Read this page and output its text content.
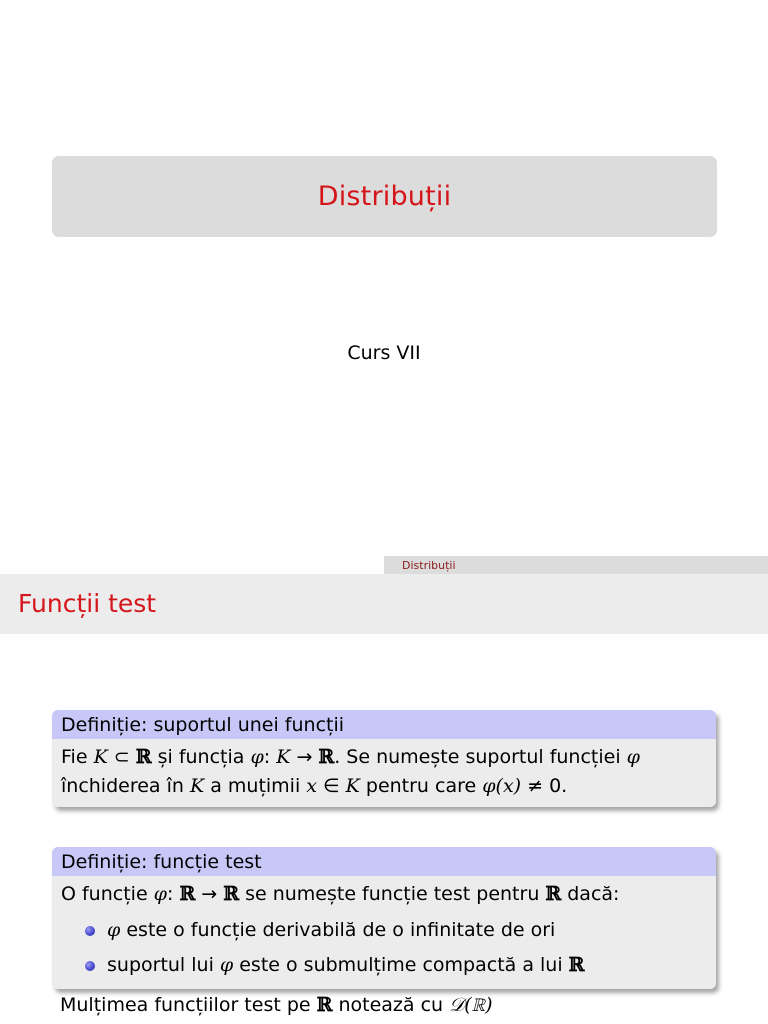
Distribuții
Curs VII
Distribuții
Funcții test
Definiție: suportul unei funcții
Fie K ⊂ ℝ și funcția φ: K → ℝ. Se numește suportul funcției φ
închiderea în K a muțimii x ∈ K pentru care φ(x) ≠ 0.
Definiție: funcție test
O funcție φ: ℝ → ℝ se numește funcție test pentru ℝ dacă:
φ este o funcție derivabilă de o infinitate de ori
suportul lui φ este o submulțime compactă a lui ℝ
Mulțimea funcțiilor test pe ℝ notează cu 𝒟(ℝ)
